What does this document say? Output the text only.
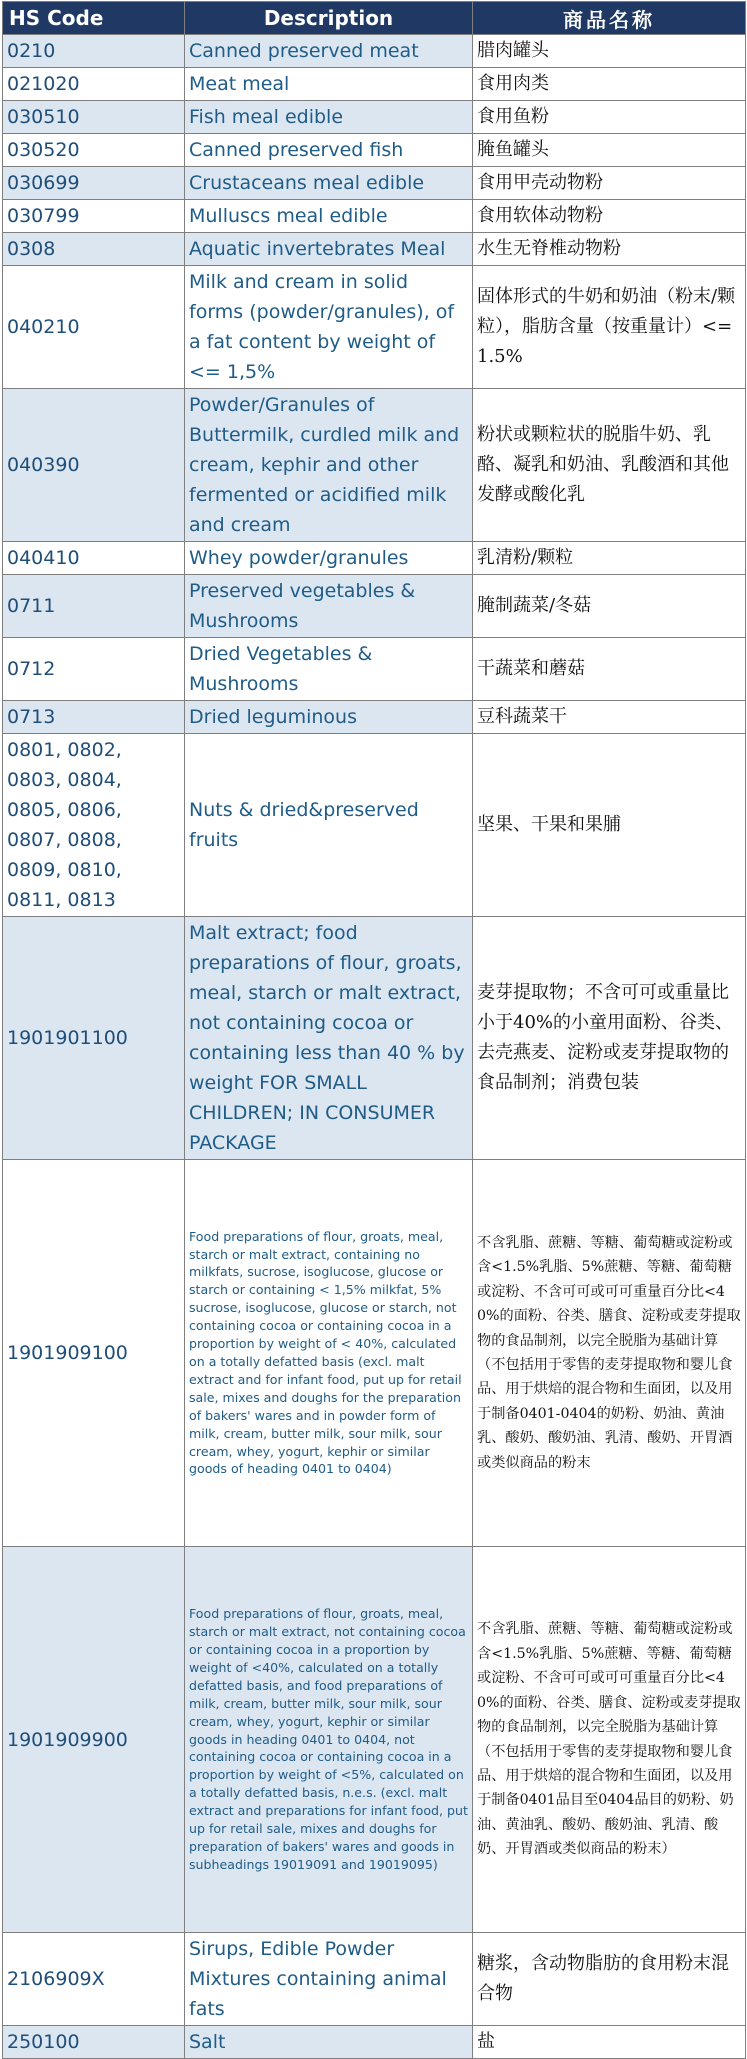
HS Code	Description	商品名称
0210	Canned preserved meat	腊肉罐头
021020	Meat meal	食用肉类
030510	Fish meal edible	食用鱼粉
030520	Canned preserved fish	腌鱼罐头
030699	Crustaceans meal edible	食用甲壳动物粉
030799	Mulluscs meal edible	食用软体动物粉
0308	Aquatic invertebrates Meal	水生无脊椎动物粉
040210	Milk and cream in solid forms (powder/granules), of a fat content by weight of <= 1,5%	固体形式的牛奶和奶油（粉末/颗粒），脂肪含量（按重量计）<=1.5%
040390	Powder/Granules of Buttermilk, curdled milk and cream, kephir and other fermented or acidified milk and cream	粉状或颗粒状的脱脂牛奶、乳酪、凝乳和奶油、乳酸酒和其他发酵或酸化乳
040410	Whey powder/granules	乳清粉/颗粒
0711	Preserved vegetables & Mushrooms	腌制蔬菜/冬菇
0712	Dried Vegetables & Mushrooms	干蔬菜和蘑菇
0713	Dried leguminous	豆科蔬菜干
0801, 0802, 0803, 0804, 0805, 0806, 0807, 0808, 0809, 0810, 0811, 0813	Nuts & dried&preserved fruits	坚果、干果和果脯
1901901100	Malt extract; food preparations of flour, groats, meal, starch or malt extract, not containing cocoa or containing less than 40 % by weight FOR SMALL CHILDREN; IN CONSUMER PACKAGE	麦芽提取物；不含可可或重量比小于40%的小童用面粉、谷类、去壳燕麦、淀粉或麦芽提取物的食品制剂；消费包装
1901909100	Food preparations of flour, groats, meal, starch or malt extract, containing no milkfats, sucrose, isoglucose, glucose or starch or containing < 1,5% milkfat, 5% sucrose, isoglucose, glucose or starch, not containing cocoa or containing cocoa in a proportion by weight of < 40%, calculated on a totally defatted basis (excl. malt extract and for infant food, put up for retail sale, mixes and doughs for the preparation of bakers' wares and in powder form of milk, cream, butter milk, sour milk, sour cream, whey, yogurt, kephir or similar goods of heading 0401 to 0404)	不含乳脂、蔗糖、等糖、葡萄糖或淀粉或含<1.5%乳脂、5%蔗糖、等糖、葡萄糖或淀粉、不含可可或可可重量百分比<40%的面粉、谷类、膳食、淀粉或麦芽提取物的食品制剂，以完全脱脂为基础计算（不包括用于零售的麦芽提取物和婴儿食品、用于烘焙的混合物和生面团，以及用于制备0401-0404的奶粉、奶油、黄油乳、酸奶、酸奶油、乳清、酸奶、开胃酒或类似商品的粉末
1901909900	Food preparations of flour, groats, meal, starch or malt extract, not containing cocoa or containing cocoa in a proportion by weight of <40%, calculated on a totally defatted basis, and food preparations of milk, cream, butter milk, sour milk, sour cream, whey, yogurt, kephir or similar goods in heading 0401 to 0404, not containing cocoa or containing cocoa in a proportion by weight of <5%, calculated on a totally defatted basis, n.e.s. (excl. malt extract and preparations for infant food, put up for retail sale, mixes and doughs for preparation of bakers' wares and goods in subheadings 19019091 and 19019095)	不含乳脂、蔗糖、等糖、葡萄糖或淀粉或含<1.5%乳脂、5%蔗糖、等糖、葡萄糖或淀粉、不含可可或可可重量百分比<40%的面粉、谷类、膳食、淀粉或麦芽提取物的食品制剂，以完全脱脂为基础计算（不包括用于零售的麦芽提取物和婴儿食品、用于烘焙的混合物和生面团，以及用于制备0401品目至0404品目的奶粉、奶油、黄油乳、酸奶、酸奶油、乳清、酸奶、开胃酒或类似商品的粉末）
2106909X	Sirups, Edible Powder Mixtures containing animal fats	糖浆，含动物脂肪的食用粉末混合物
250100	Salt	盐
